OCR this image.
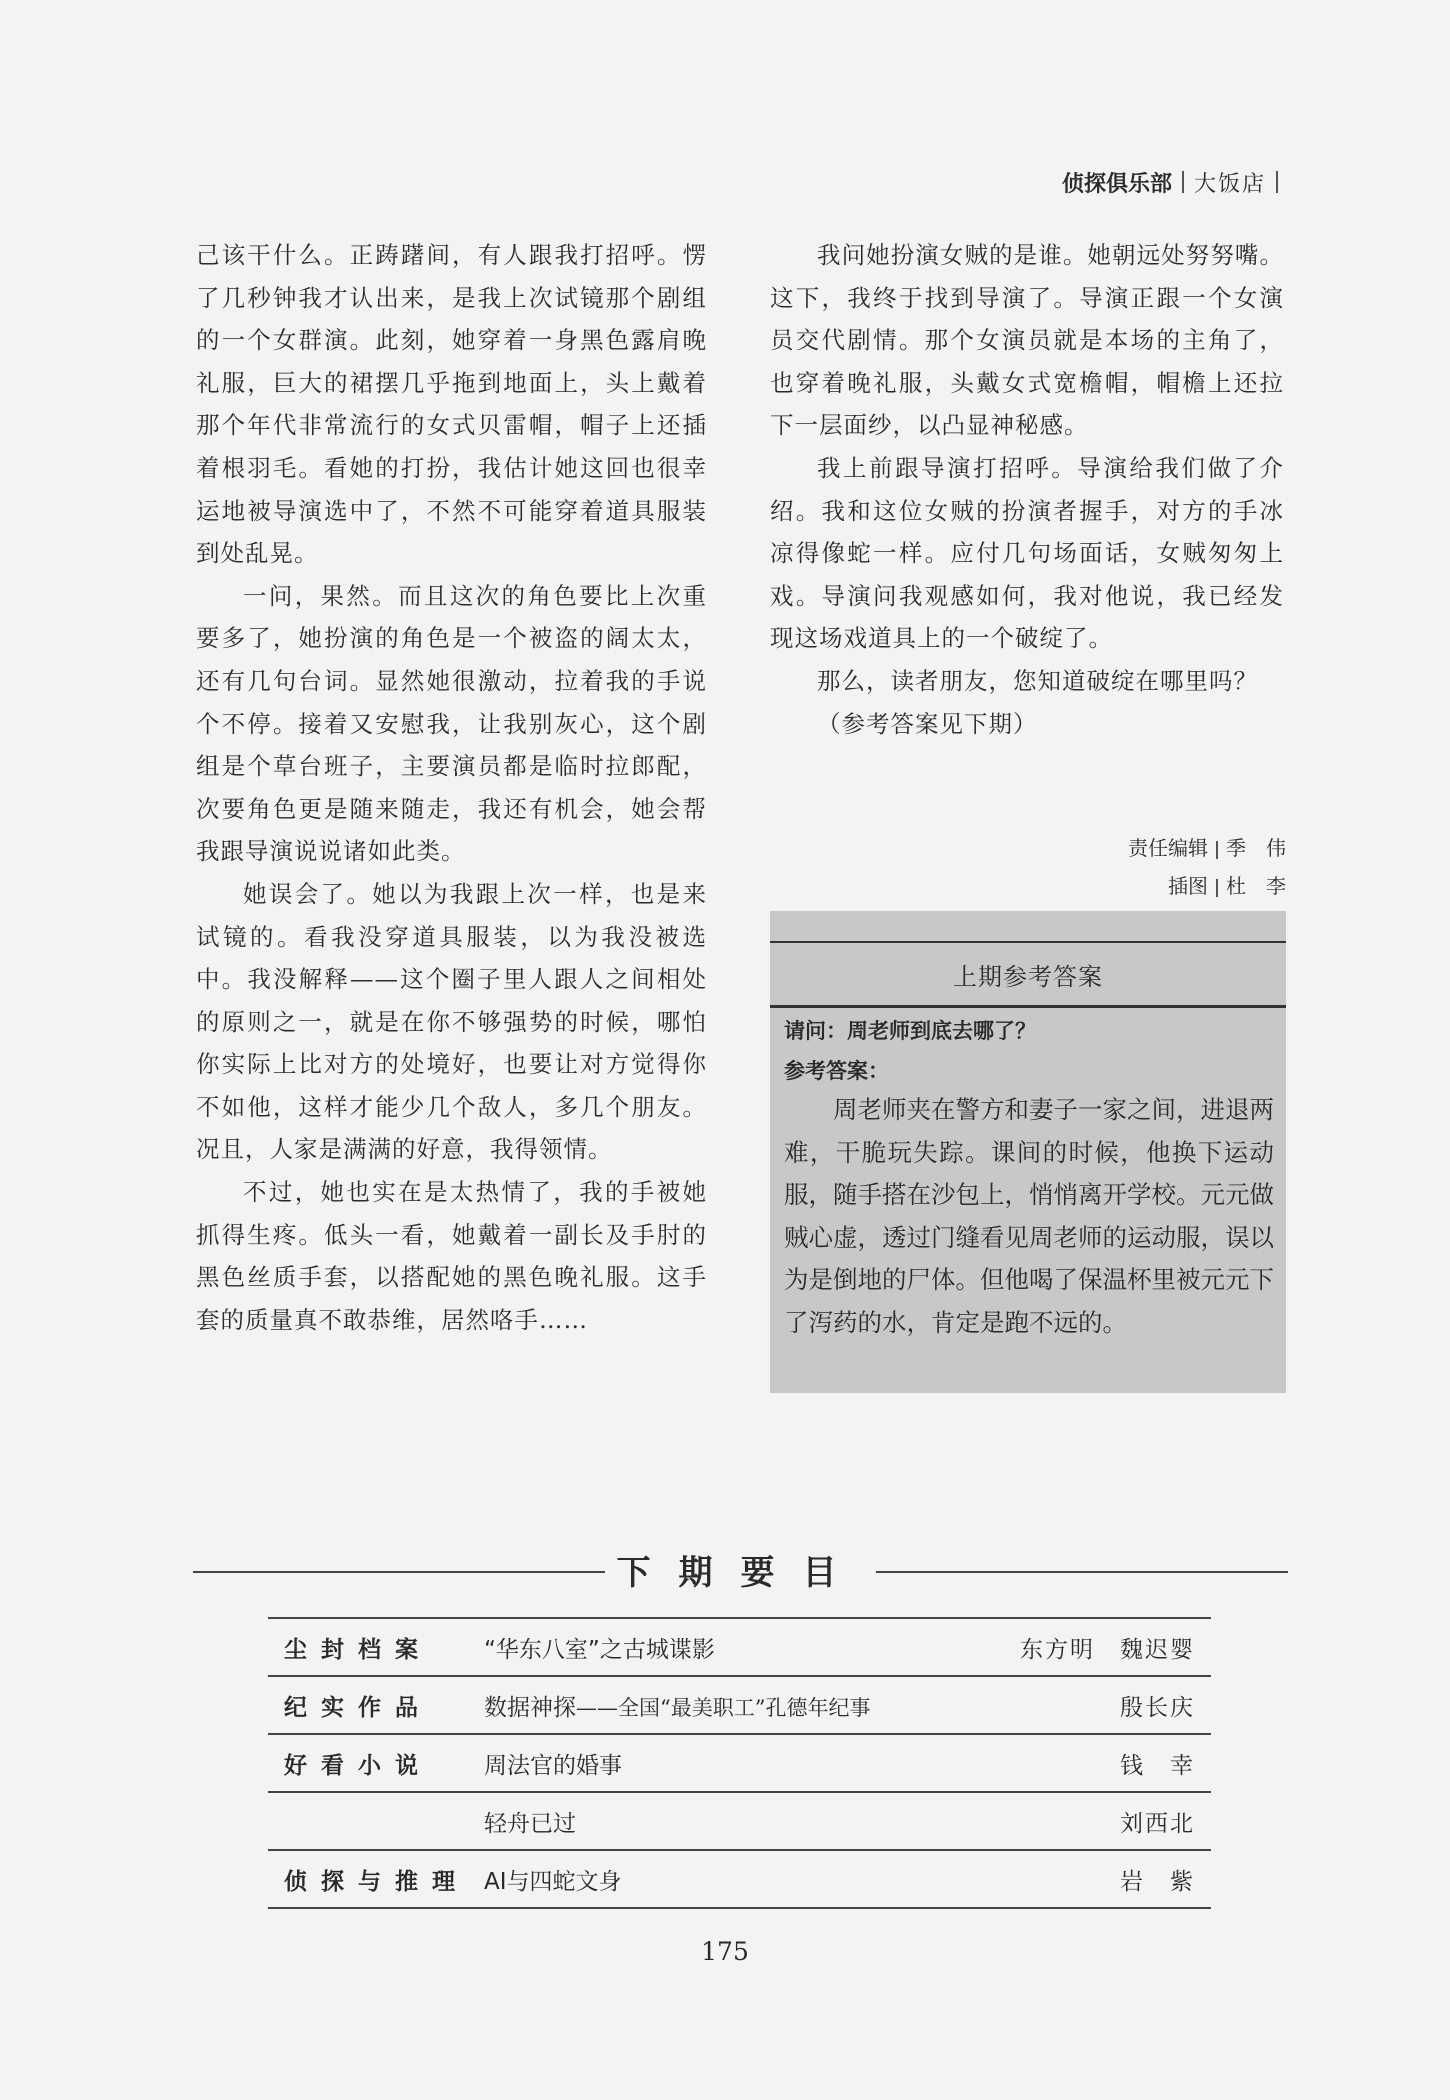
侦探俱乐部 大饭店

己该干什么。正踌躇间，有人跟我打招呼。愣了几秒钟我才认出来，是我上次试镜那个剧组的一个女群演。此刻，她穿着一身黑色露肩晚礼服，巨大的裙摆几乎拖到地面上，头上戴着那个年代非常流行的女式贝雷帽，帽子上还插着根羽毛。看她的打扮，我估计她这回也很幸运地被导演选中了，不然不可能穿着道具服装到处乱晃。

一问，果然。而且这次的角色要比上次重要多了，她扮演的角色是一个被盗的阔太太，还有几句台词。显然她很激动，拉着我的手说个不停。接着又安慰我，让我别灰心，这个剧组是个草台班子，主要演员都是临时拉郎配，次要角色更是随来随走，我还有机会，她会帮我跟导演说说诸如此类。

她误会了。她以为我跟上次一样，也是来试镜的。看我没穿道具服装，以为我没被选中。我没解释——这个圈子里人跟人之间相处的原则之一，就是在你不够强势的时候，哪怕你实际上比对方的处境好，也要让对方觉得你不如他，这样才能少几个敌人，多几个朋友。况且，人家是满满的好意，我得领情。

不过，她也实在是太热情了，我的手被她抓得生疼。低头一看，她戴着一副长及手肘的黑色丝质手套，以搭配她的黑色晚礼服。这手套的质量真不敢恭维，居然咯手……

我问她扮演女贼的是谁。她朝远处努努嘴。这下，我终于找到导演了。导演正跟一个女演员交代剧情。那个女演员就是本场的主角了，也穿着晚礼服，头戴女式宽檐帽，帽檐上还拉下一层面纱，以凸显神秘感。

我上前跟导演打招呼。导演给我们做了介绍。我和这位女贼的扮演者握手，对方的手冰凉得像蛇一样。应付几句场面话，女贼匆匆上戏。导演问我观感如何，我对他说，我已经发现这场戏道具上的一个破绽了。

那么，读者朋友，您知道破绽在哪里吗？

（参考答案见下期）

责任编辑 季　伟
插图 杜　李
上期参考答案
请问：周老师到底去哪了？
参考答案：
周老师夹在警方和妻子一家之间，进退两难，干脆玩失踪。课间的时候，他换下运动服，随手搭在沙包上，悄悄离开学校。元元做贼心虚，透过门缝看见周老师的运动服，误以为是倒地的尸体。但他喝了保温杯里被元元下了泻药的水，肯定是跑不远的。
下期要目
尘封档案	“华东八室”之古城谍影	东方明　魏迟婴
纪实作品	数据神探——全国“最美职工”孔德年纪事	殷长庆
好看小说	周法官的婚事	钱　幸
	轻舟已过	刘西北
侦探与推理	AI与四蛇文身	岩　紫
175
